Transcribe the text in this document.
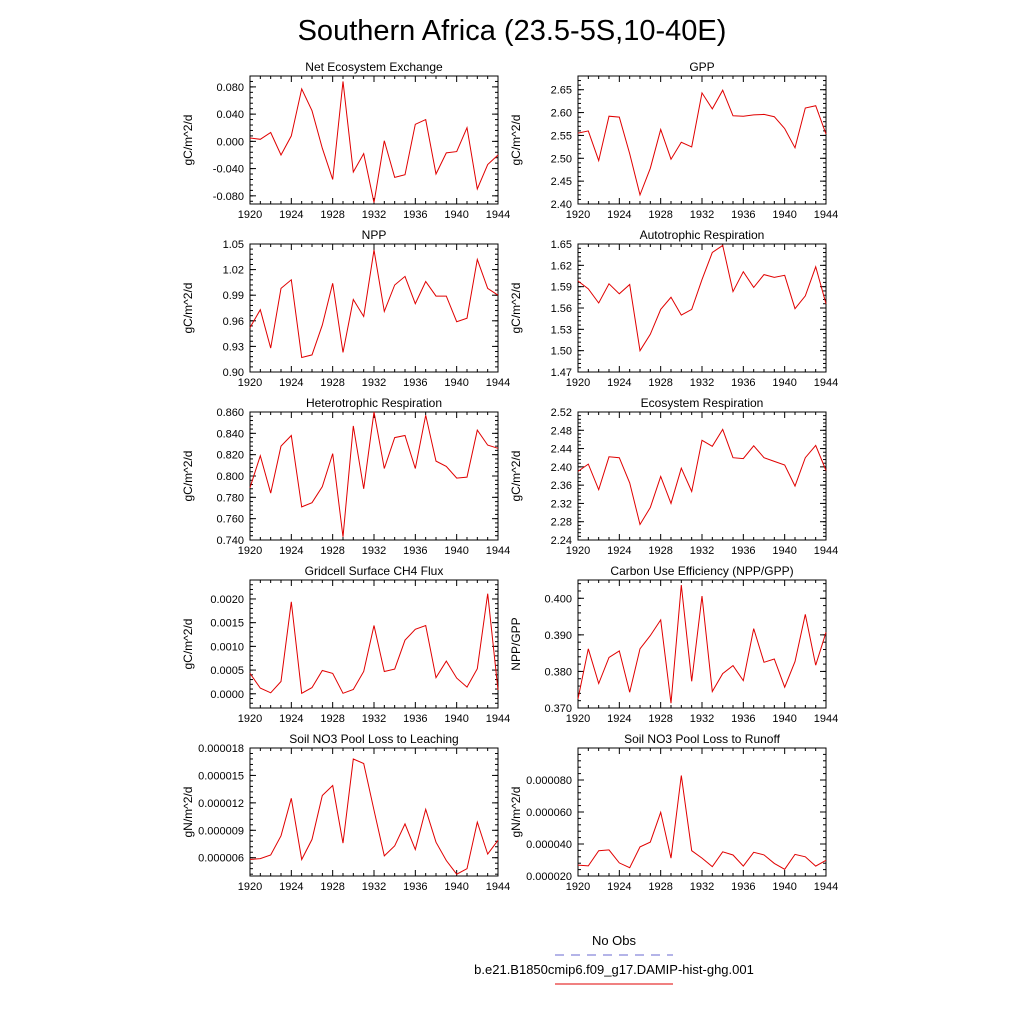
Southern Africa (23.5-5S,10-40E)
Net Ecosystem Exchange
gC/m^2/d
1920 1924 1928 1932 1936 1940 1944
-0.080
-0.040
0.000
0.040
0.080
GPP
gC/m^2/d
1920 1924 1928 1932 1936 1940 1944
2.40
2.45
2.50
2.55
2.60
2.65
NPP
gC/m^2/d
1920 1924 1928 1932 1936 1940 1944
0.90
0.93
0.96
0.99
1.02
1.05
Autotrophic Respiration
gC/m^2/d
1920 1924 1928 1932 1936 1940 1944
1.47
1.50
1.53
1.56
1.59
1.62
1.65
Heterotrophic Respiration
gC/m^2/d
1920 1924 1928 1932 1936 1940 1944
0.740
0.760
0.780
0.800
0.820
0.840
0.860
Ecosystem Respiration
gC/m^2/d
1920 1924 1928 1932 1936 1940 1944
2.24
2.28
2.32
2.36
2.40
2.44
2.48
2.52
Gridcell Surface CH4 Flux
gC/m^2/d
1920 1924 1928 1932 1936 1940 1944
0.0000
0.0005
0.0010
0.0015
0.0020
Carbon Use Efficiency (NPP/GPP)
NPP/GPP
1920 1924 1928 1932 1936 1940 1944
0.370
0.380
0.390
0.400
Soil NO3 Pool Loss to Leaching
gN/m^2/d
1920 1924 1928 1932 1936 1940 1944
0.000006
0.000009
0.000012
0.000015
0.000018
Soil NO3 Pool Loss to Runoff
gN/m^2/d
1920 1924 1928 1932 1936 1940 1944
0.000020
0.000040
0.000060
0.000080
No Obs
b.e21.B1850cmip6.f09_g17.DAMIP-hist-ghg.001
